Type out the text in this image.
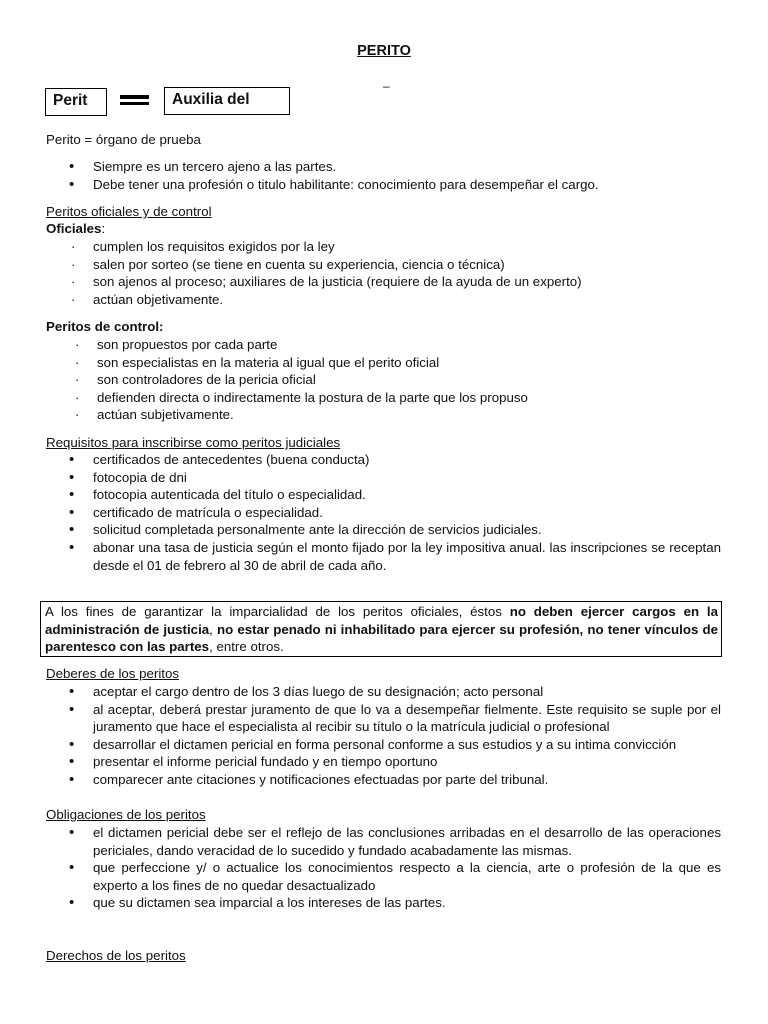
PERITO
–
Perit	Auxilia del
Perito = órgano de prueba
• Siempre es un tercero ajeno a las partes.
• Debe tener una profesión o titulo habilitante: conocimiento para desempeñar el cargo.
Peritos oficiales y de control
Oficiales:
· cumplen los requisitos exigidos por la ley
· salen por sorteo (se tiene en cuenta su experiencia, ciencia o técnica)
· son ajenos al proceso; auxiliares de la justicia (requiere de la ayuda de un experto)
· actúan objetivamente.
Peritos de control:
· son propuestos por cada parte
· son especialistas en la materia al igual que el perito oficial
· son controladores de la pericia oficial
· defienden directa o indirectamente la postura de la parte que los propuso
· actúan subjetivamente.
Requisitos para inscribirse como peritos judiciales
• certificados de antecedentes (buena conducta)
• fotocopia de dni
• fotocopia autenticada del título o especialidad.
• certificado de matrícula o especialidad.
• solicitud completada personalmente ante la dirección de servicios judiciales.
• abonar una tasa de justicia según el monto fijado por la ley impositiva anual. las inscripciones se receptan desde el 01 de febrero al 30 de abril de cada año.
A los fines de garantizar la imparcialidad de los peritos oficiales, éstos no deben ejercer cargos en la administración de justicia, no estar penado ni inhabilitado para ejercer su profesión, no tener vínculos de parentesco con las partes, entre otros.
Deberes de los peritos
• aceptar el cargo dentro de los 3 días luego de su designación; acto personal
• al aceptar, deberá prestar juramento de que lo va a desempeñar fielmente. Este requisito se suple por el juramento que hace el especialista al recibir su título o la matrícula judicial o profesional
• desarrollar el dictamen pericial en forma personal conforme a sus estudios y a su intima convicción
• presentar el informe pericial fundado y en tiempo oportuno
• comparecer ante citaciones y notificaciones efectuadas por parte del tribunal.
Obligaciones de los peritos
• el dictamen pericial debe ser el reflejo de las conclusiones arribadas en el desarrollo de las operaciones periciales, dando veracidad de lo sucedido y fundado acabadamente las mismas.
• que perfeccione y/ o actualice los conocimientos respecto a la ciencia, arte o profesión de la que es experto a los fines de no quedar desactualizado
• que su dictamen sea imparcial a los intereses de las partes.
Derechos de los peritos
